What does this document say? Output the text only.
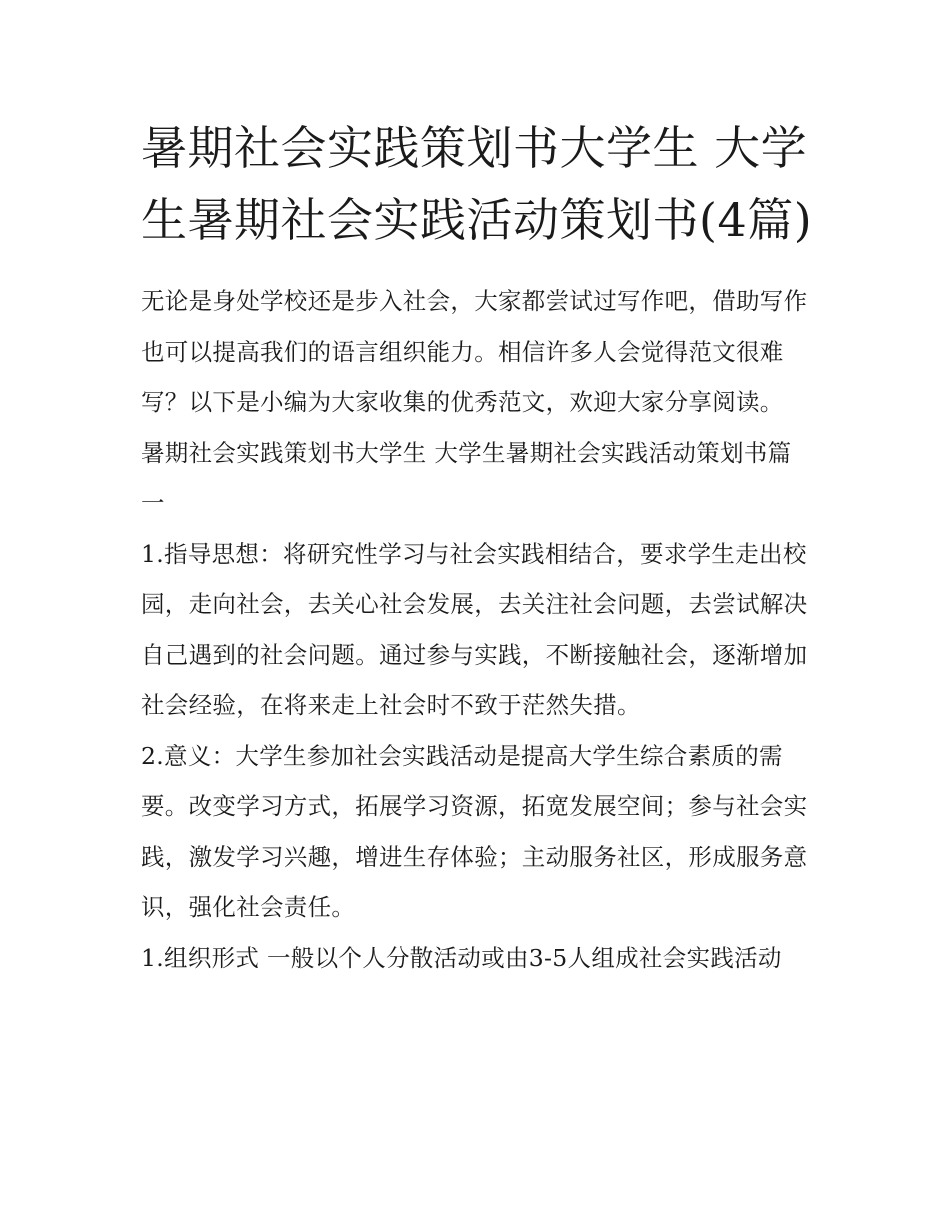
暑期社会实践策划书大学生 大学生暑期社会实践活动策划书(4篇)

无论是身处学校还是步入社会，大家都尝试过写作吧，借助写作也可以提高我们的语言组织能力。相信许多人会觉得范文很难写？以下是小编为大家收集的优秀范文，欢迎大家分享阅读。

暑期社会实践策划书大学生 大学生暑期社会实践活动策划书篇一

1.指导思想：将研究性学习与社会实践相结合，要求学生走出校园，走向社会，去关心社会发展，去关注社会问题，去尝试解决自己遇到的社会问题。通过参与实践，不断接触社会，逐渐增加社会经验，在将来走上社会时不致于茫然失措。

2.意义：大学生参加社会实践活动是提高大学生综合素质的需要。改变学习方式，拓展学习资源，拓宽发展空间；参与社会实践，激发学习兴趣，增进生存体验；主动服务社区，形成服务意识，强化社会责任。

1.组织形式 一般以个人分散活动或由3-5人组成社会实践活动
